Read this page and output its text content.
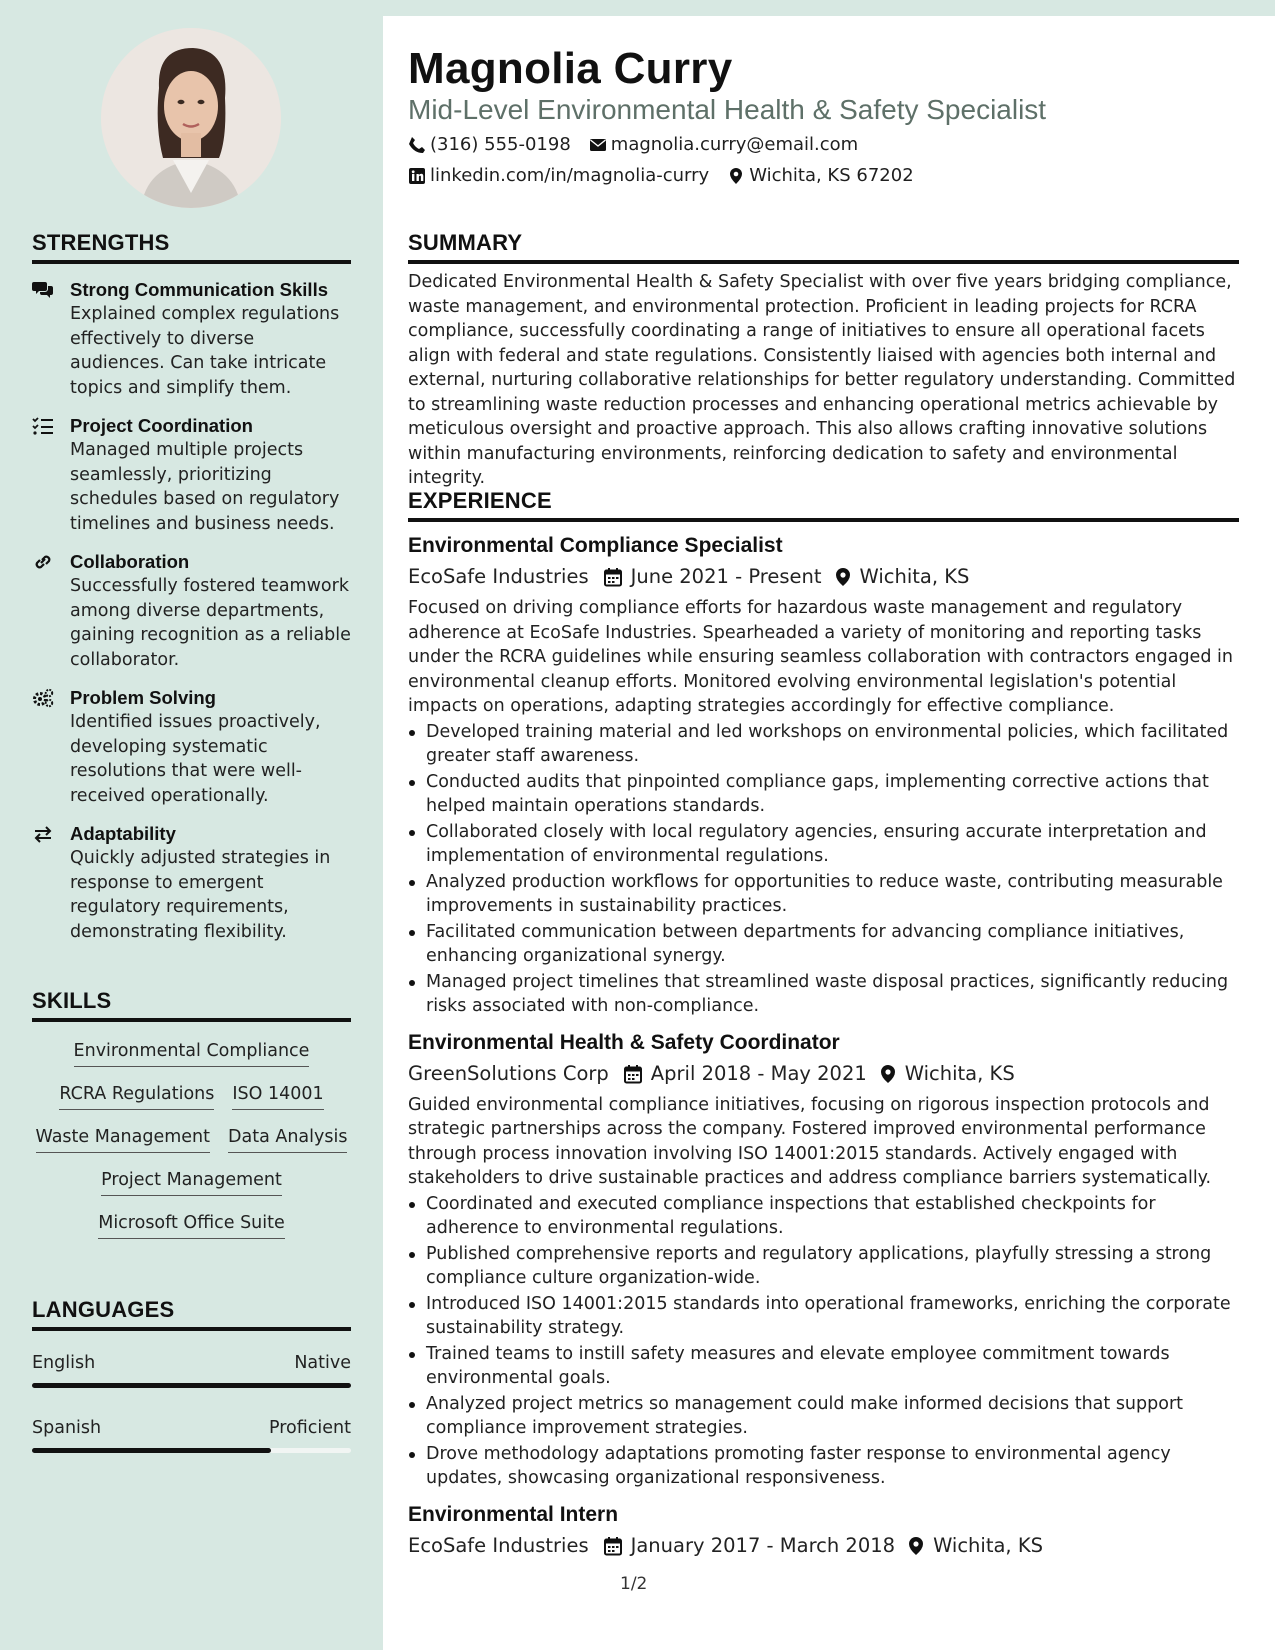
STRENGTHS
Strong Communication Skills
Explained complex regulations effectively to diverse audiences. Can take intricate topics and simplify them.
Project Coordination
Managed multiple projects seamlessly, prioritizing schedules based on regulatory timelines and business needs.
Collaboration
Successfully fostered teamwork among diverse departments, gaining recognition as a reliable collaborator.
Problem Solving
Identified issues proactively, developing systematic resolutions that were well-received operationally.
Adaptability
Quickly adjusted strategies in response to emergent regulatory requirements, demonstrating flexibility.
SKILLS
Environmental Compliance
RCRA Regulations ISO 14001
Waste Management Data Analysis
Project Management
Microsoft Office Suite
LANGUAGES
English	Native
Spanish	Proficient
Magnolia Curry
Mid-Level Environmental Health & Safety Specialist
(316) 555-0198 magnolia.curry@email.com
linkedin.com/in/magnolia-curry Wichita, KS 67202
SUMMARY
Dedicated Environmental Health & Safety Specialist with over five years bridging compliance, waste management, and environmental protection. Proficient in leading projects for RCRA compliance, successfully coordinating a range of initiatives to ensure all operational facets align with federal and state regulations. Consistently liaised with agencies both internal and external, nurturing collaborative relationships for better regulatory understanding. Committed to streamlining waste reduction processes and enhancing operational metrics achievable by meticulous oversight and proactive approach. This also allows crafting innovative solutions within manufacturing environments, reinforcing dedication to safety and environmental integrity.
EXPERIENCE
Environmental Compliance Specialist
EcoSafe Industries June 2021 - Present Wichita, KS
Focused on driving compliance efforts for hazardous waste management and regulatory adherence at EcoSafe Industries. Spearheaded a variety of monitoring and reporting tasks under the RCRA guidelines while ensuring seamless collaboration with contractors engaged in environmental cleanup efforts. Monitored evolving environmental legislation's potential impacts on operations, adapting strategies accordingly for effective compliance.
Developed training material and led workshops on environmental policies, which facilitated greater staff awareness.
Conducted audits that pinpointed compliance gaps, implementing corrective actions that helped maintain operations standards.
Collaborated closely with local regulatory agencies, ensuring accurate interpretation and implementation of environmental regulations.
Analyzed production workflows for opportunities to reduce waste, contributing measurable improvements in sustainability practices.
Facilitated communication between departments for advancing compliance initiatives, enhancing organizational synergy.
Managed project timelines that streamlined waste disposal practices, significantly reducing risks associated with non-compliance.
Environmental Health & Safety Coordinator
GreenSolutions Corp April 2018 - May 2021 Wichita, KS
Guided environmental compliance initiatives, focusing on rigorous inspection protocols and strategic partnerships across the company. Fostered improved environmental performance through process innovation involving ISO 14001:2015 standards. Actively engaged with stakeholders to drive sustainable practices and address compliance barriers systematically.
Coordinated and executed compliance inspections that established checkpoints for adherence to environmental regulations.
Published comprehensive reports and regulatory applications, playfully stressing a strong compliance culture organization-wide.
Introduced ISO 14001:2015 standards into operational frameworks, enriching the corporate sustainability strategy.
Trained teams to instill safety measures and elevate employee commitment towards environmental goals.
Analyzed project metrics so management could make informed decisions that support compliance improvement strategies.
Drove methodology adaptations promoting faster response to environmental agency updates, showcasing organizational responsiveness.
Environmental Intern
EcoSafe Industries January 2017 - March 2018 Wichita, KS
1/2
